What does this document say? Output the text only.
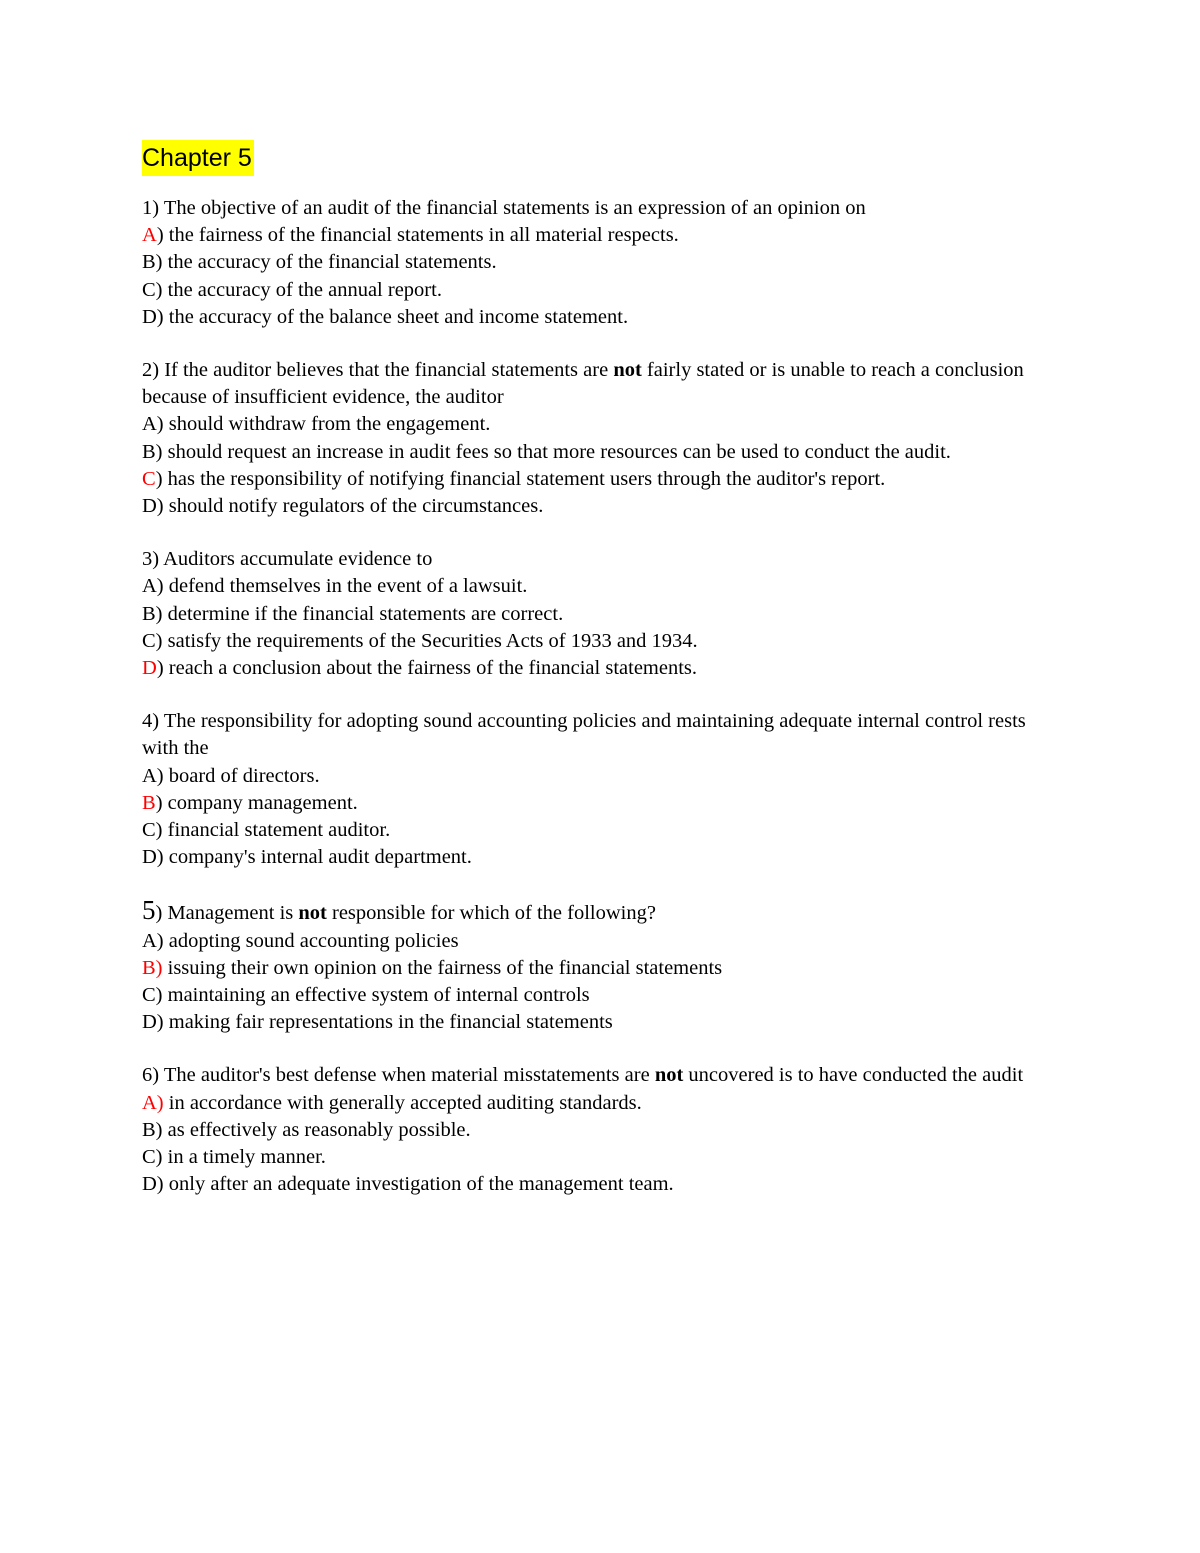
Chapter 5

1) The objective of an audit of the financial statements is an expression of an opinion on

A) the fairness of the financial statements in all material respects.

B) the accuracy of the financial statements.

C) the accuracy of the annual report.

D) the accuracy of the balance sheet and income statement.

2) If the auditor believes that the financial statements are not fairly stated or is unable to reach a conclusion because of insufficient evidence, the auditor

A) should withdraw from the engagement.

B) should request an increase in audit fees so that more resources can be used to conduct the audit.

C) has the responsibility of notifying financial statement users through the auditor's report.

D) should notify regulators of the circumstances.

3) Auditors accumulate evidence to

A) defend themselves in the event of a lawsuit.

B) determine if the financial statements are correct.

C) satisfy the requirements of the Securities Acts of 1933 and 1934.

D) reach a conclusion about the fairness of the financial statements.

4) The responsibility for adopting sound accounting policies and maintaining adequate internal control rests with the

A) board of directors.

B) company management.

C) financial statement auditor.

D) company's internal audit department.

5) Management is not responsible for which of the following?

A) adopting sound accounting policies

B) issuing their own opinion on the fairness of the financial statements

C) maintaining an effective system of internal controls

D) making fair representations in the financial statements

6) The auditor's best defense when material misstatements are not uncovered is to have conducted the audit

A) in accordance with generally accepted auditing standards.

B) as effectively as reasonably possible.

C) in a timely manner.

D) only after an adequate investigation of the management team.
